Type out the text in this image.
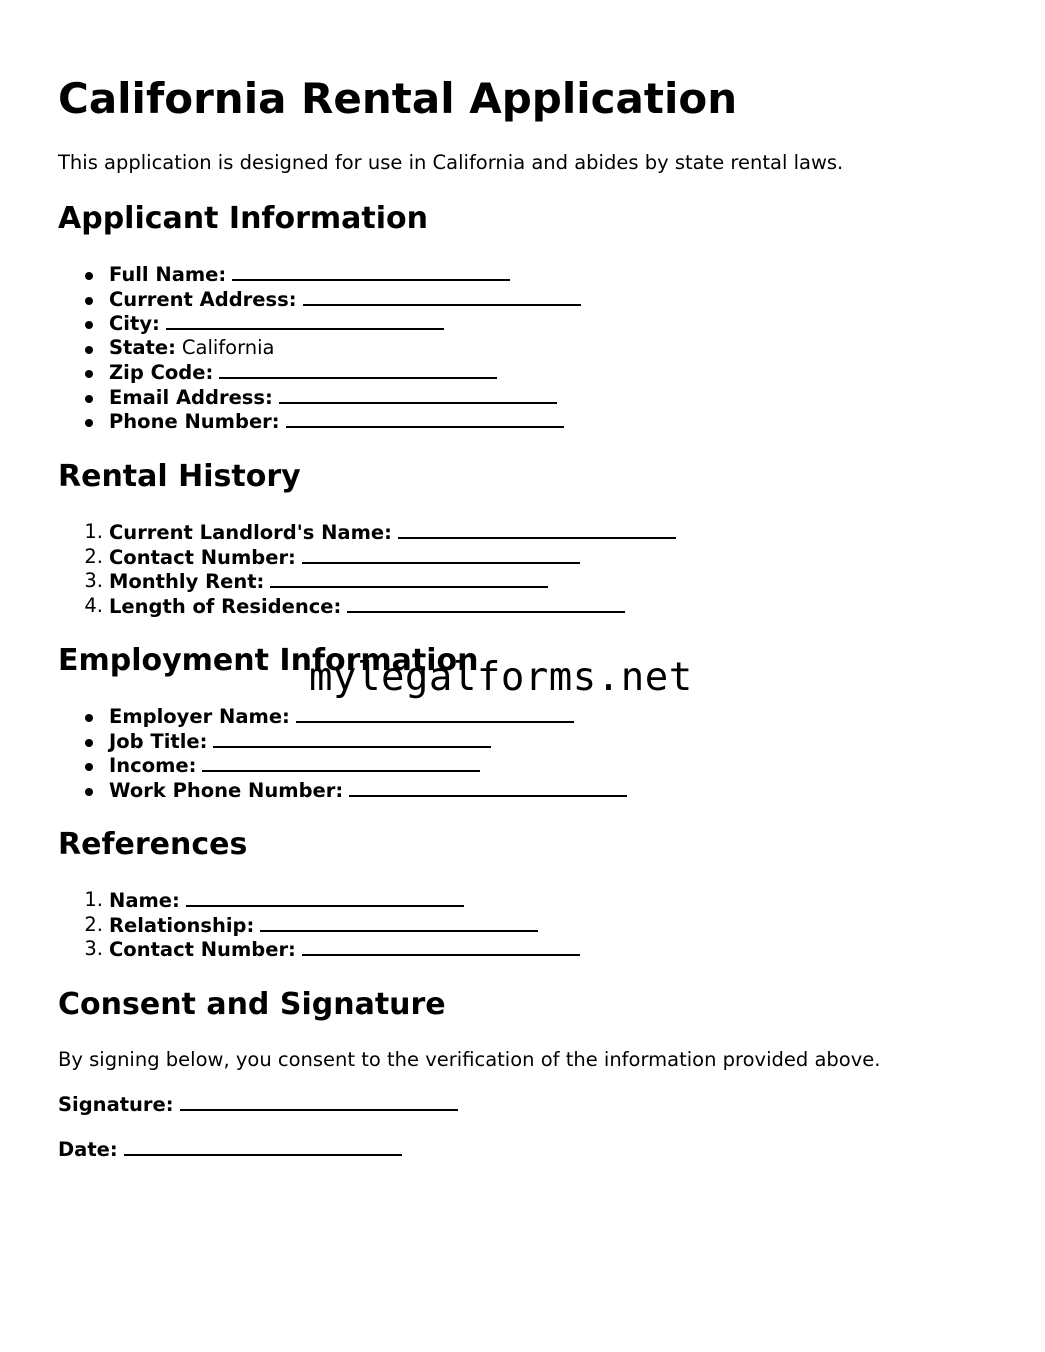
California Rental Application

This application is designed for use in California and abides by state rental laws.

Applicant Information
Full Name:
Current Address:
City:
State: California
Zip Code:
Email Address:
Phone Number:
Rental History
1. Current Landlord's Name:
2. Contact Number:
3. Monthly Rent:
4. Length of Residence:
Employment Information
Employer Name:
Job Title:
Income:
Work Phone Number:
References
1. Name:
2. Relationship:
3. Contact Number:
Consent and Signature

By signing below, you consent to the verification of the information provided above.

Signature:

Date:

mylegalforms.net
